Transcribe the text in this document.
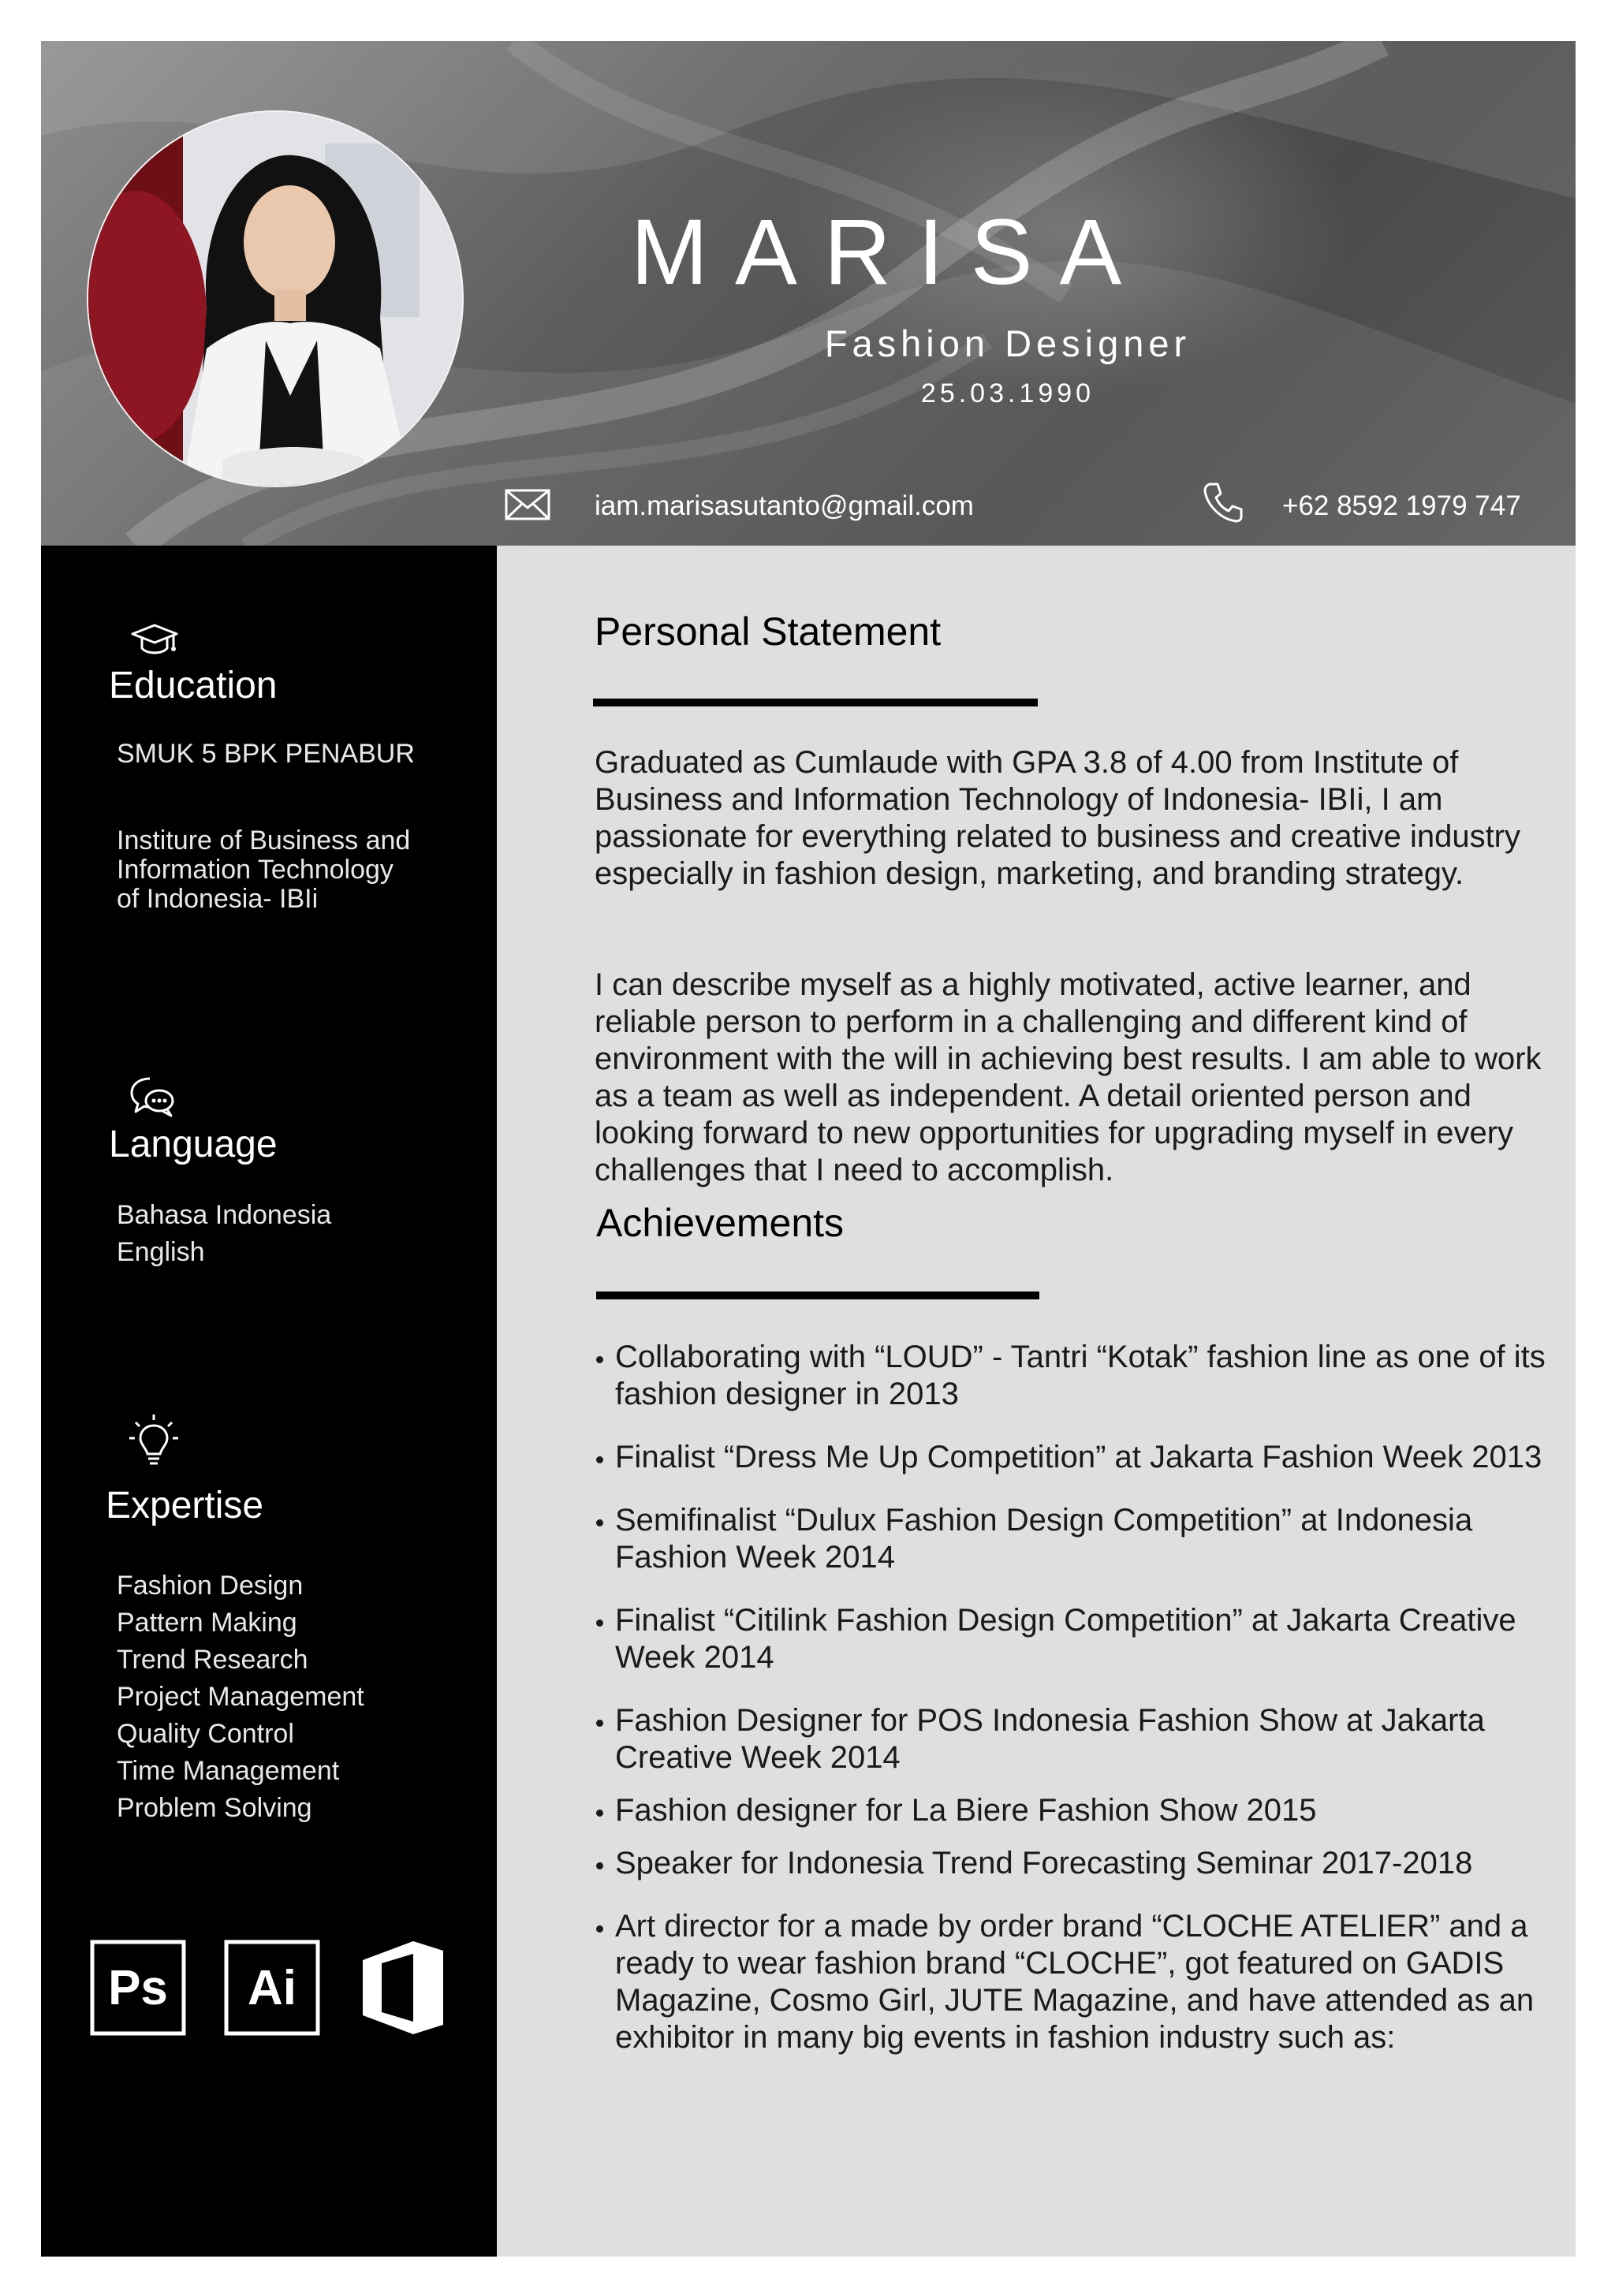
MARISA
Fashion Designer
25.03.1990
iam.marisasutanto@gmail.com	+62 8592 1979 747
Education
SMUK 5 BPK PENABUR
Institure of Business and
Information Technology
of Indonesia- IBIi
Language
Bahasa Indonesia
English
Expertise
Fashion Design
Pattern Making
Trend Research
Project Management
Quality Control
Time Management
Problem Solving
Ps Ai
Personal Statement

Graduated as Cumlaude with GPA 3.8 of 4.00 from Institute of Business and Information Technology of Indonesia- IBIi, I am passionate for everything related to business and creative industry especially in fashion design, marketing, and branding strategy.

I can describe myself as a highly motivated, active learner, and reliable person to perform in a challenging and different kind of environment with the will in achieving best results. I am able to work as a team as well as independent. A detail oriented person and looking forward to new opportunities for upgrading myself in every challenges that I need to accomplish.

Achievements
Collaborating with “LOUD” - Tantri “Kotak” fashion line as one of its fashion designer in 2013
Finalist “Dress Me Up Competition” at Jakarta Fashion Week 2013
Semifinalist “Dulux Fashion Design Competition” at Indonesia Fashion Week 2014
Finalist “Citilink Fashion Design Competition” at Jakarta Creative Week 2014
Fashion Designer for POS Indonesia Fashion Show at Jakarta Creative Week 2014
Fashion designer for La Biere Fashion Show 2015
Speaker for Indonesia Trend Forecasting Seminar 2017-2018
Art director for a made by order brand “CLOCHE ATELIER” and a ready to wear fashion brand “CLOCHE”, got featured on GADIS Magazine, Cosmo Girl, JUTE Magazine, and have attended as an exhibitor in many big events in fashion industry such as:
